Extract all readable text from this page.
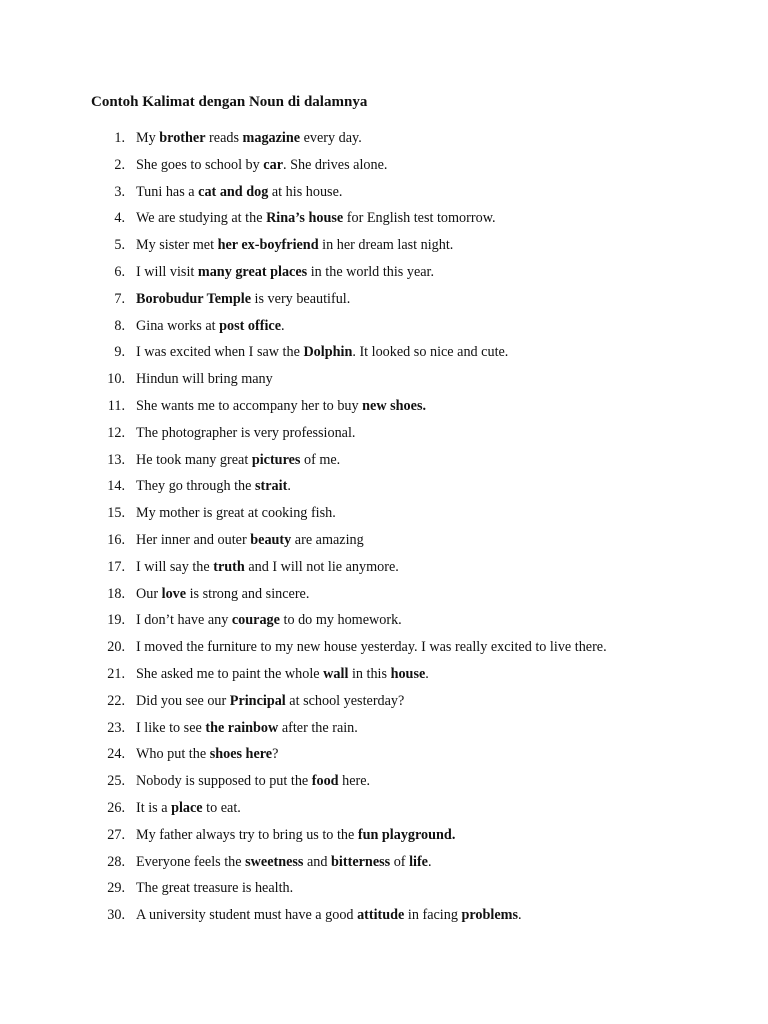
Contoh Kalimat dengan Noun di dalamnya
1. My brother reads magazine every day.
2. She goes to school by car. She drives alone.
3. Tuni has a cat and dog at his house.
4. We are studying at the Rina’s house for English test tomorrow.
5. My sister met her ex-boyfriend in her dream last night.
6. I will visit many great places in the world this year.
7. Borobudur Temple is very beautiful.
8. Gina works at post office.
9. I was excited when I saw the Dolphin. It looked so nice and cute.
10. Hindun will bring many
11. She wants me to accompany her to buy new shoes.
12. The photographer is very professional.
13. He took many great pictures of me.
14. They go through the strait.
15. My mother is great at cooking fish.
16. Her inner and outer beauty are amazing
17. I will say the truth and I will not lie anymore.
18. Our love is strong and sincere.
19. I don’t have any courage to do my homework.
20. I moved the furniture to my new house yesterday. I was really excited to live there.
21. She asked me to paint the whole wall in this house.
22. Did you see our Principal at school yesterday?
23. I like to see the rainbow after the rain.
24. Who put the shoes here?
25. Nobody is supposed to put the food here.
26. It is a place to eat.
27. My father always try to bring us to the fun playground.
28. Everyone feels the sweetness and bitterness of life.
29. The great treasure is health.
30. A university student must have a good attitude in facing problems.
